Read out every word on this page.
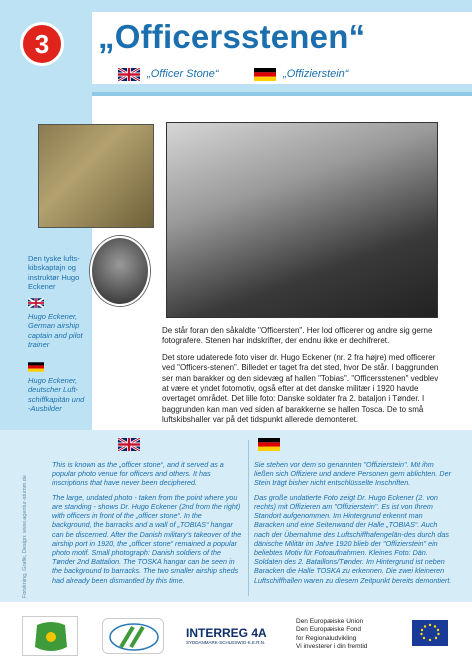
3	„Officersstenen“
„Officer Stone“	„Offizierstein“
Den tyske lufts-kibskaptajn og instruktør Hugo Eckener
Hugo Eckener, German airship captain and pilot trainer
Hugo Eckener, deutscher Luft-schiffkapitän und -Ausbilder

De står foran den såkaldte "Officersten". Her lod officerer og andre sig gerne fotografere. Stenen har indskrifter, der endnu ikke er dechifreret.

Det store udaterede foto viser dr. Hugo Eckener (nr. 2 fra højre) med officerer ved "Officers-stenen". Billedet er taget fra det sted, hvor De står. I baggrunden ser man barakker og den sidevæg af hallen "Tobias". "Officersstenen" vedblev at være et yndet fotomotiv, også efter at det danske militær i 1920 havde overtaget området. Det lille foto: Danske soldater fra 2. bataljon i Tønder. I baggrunden kan man ved siden af barakkerne se hallen Tosca. De to små luftskibshaller var på det tidspunkt allerede demonteret.

This is known as the „officer stone“, and it served as a popular photo venue for officers and others. It has inscriptions that have never been deciphered.

The large, undated photo - taken from the point where you are standing - shows Dr. Hugo Eckener (2nd from the right) with officers in front of the „officer stone“. In the background, the barracks and a wall of „TOBIAS“ hangar can be discerned. After the Danish military's takeover of the airship port in 1920, the „officer stone“ remained a popular photo motif. Small photograph: Danish soldiers of the Tønder 2nd Battalion. The TOSKA hangar can be seen in the background to barracks. The two smaller airship sheds had already been dismantled by this time.

Sie stehen vor dem so genannten "Offizierstein". Mit ihm ließen sich Offiziere und andere Personen gern ablichten. Der Stein trägt bisher nicht entschlüsselte Inschriften.

Das große undatierte Foto zeigt Dr. Hugo Eckener (2. von rechts) mit Offizieren am "Offizierstein". Es ist von Ihrem Standort aufgenommen. Im Hintergrund erkennt man Baracken und eine Seitenwand der Halle „TOBIAS“. Auch nach der Übernahme des Luftschiffhafengelän-des durch das dänische Militär im Jahre 1920 blieb der "Offizierstein" ein beliebtes Motiv für Fotoaufnahmen. Kleines Foto: Dän. Soldaten des 2. Bataillons/Tønder. Im Hintergrund ist neben Baracken die Halle TOSKA zu erkennen. Die zwei kleineren Luftschiffhallen waren zu diesem Zeitpunkt bereits demontiert.

Forskning, Grafik, Design: www.agentur-stumm.de
INTERREG 4A
SYDDANMARK-SCHLESWIG-K.E.R.N.
Den Europæiske Union
Den Europæiske Fond
for Regionaludvikling
Vi investerer i din fremtid
